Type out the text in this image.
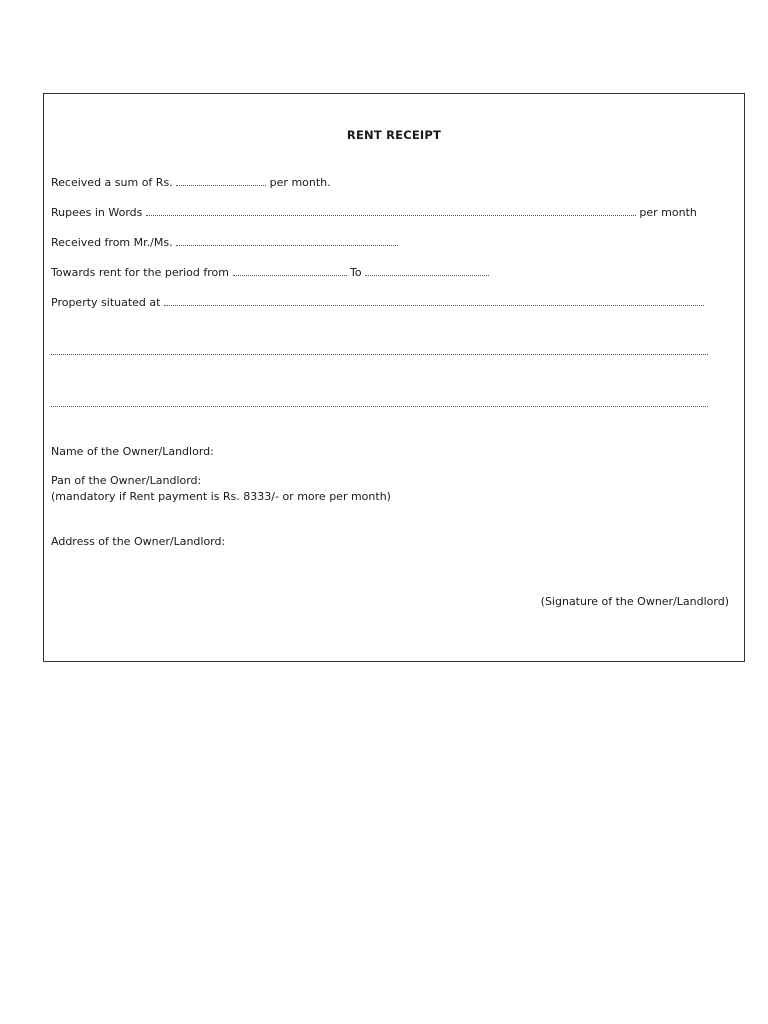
RENT RECEIPT
Received a sum of Rs.	per month.
Rupees in Words	per month
Received from Mr./Ms.
Towards rent for the period from	To
Property situated at
Name of the Owner/Landlord:
Pan of the Owner/Landlord:
(mandatory if Rent payment is Rs. 8333/- or more per month)
Address of the Owner/Landlord:
(Signature of the Owner/Landlord)
